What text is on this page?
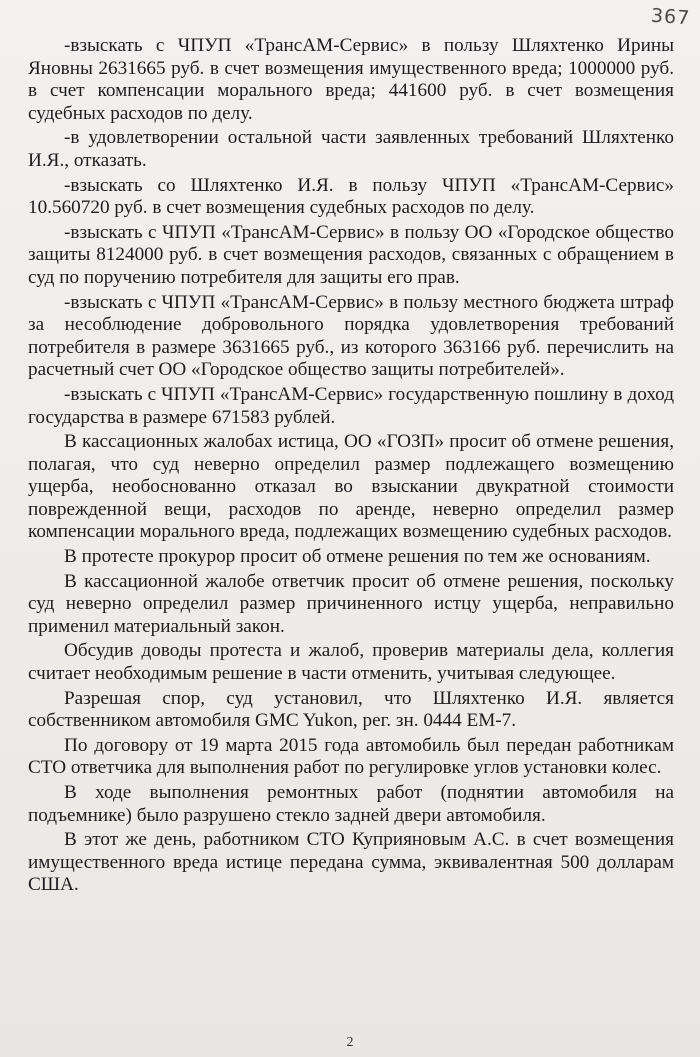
367

-взыскать с ЧПУП «ТрансАМ-Сервис» в пользу Шляхтенко Ирины Яновны 2631665 руб. в счет возмещения имущественного вреда; 1000000 руб. в счет компенсации морального вреда; 441600 руб. в счет возмещения судебных расходов по делу.

-в удовлетворении остальной части заявленных требований Шляхтенко И.Я., отказать.

-взыскать со Шляхтенко И.Я. в пользу ЧПУП «ТрансАМ-Сервис» 10.560720 руб. в счет возмещения судебных расходов по делу.

-взыскать с ЧПУП «ТрансАМ-Сервис» в пользу ОО «Городское общество защиты 8124000 руб. в счет возмещения расходов, связанных с обращением в суд по поручению потребителя для защиты его прав.

-взыскать с ЧПУП «ТрансАМ-Сервис» в пользу местного бюджета штраф за несоблюдение добровольного порядка удовлетворения требований потребителя в размере 3631665 руб., из которого 363166 руб. перечислить на расчетный счет ОО «Городское общество защиты потребителей».

-взыскать с ЧПУП «ТрансАМ-Сервис» государственную пошлину в доход государства в размере 671583 рублей.

В кассационных жалобах истица, ОО «ГОЗП» просит об отмене решения, полагая, что суд неверно определил размер подлежащего возмещению ущерба, необоснованно отказал во взыскании двукратной стоимости поврежденной вещи, расходов по аренде, неверно определил размер компенсации морального вреда, подлежащих возмещению судебных расходов.

В протесте прокурор просит об отмене решения по тем же основаниям.

В кассационной жалобе ответчик просит об отмене решения, поскольку суд неверно определил размер причиненного истцу ущерба, неправильно применил материальный закон.

Обсудив доводы протеста и жалоб, проверив материалы дела, коллегия считает необходимым решение в части отменить, учитывая следующее.

Разрешая спор, суд установил, что Шляхтенко И.Я. является собственником автомобиля GMC Yukon, рег. зн. 0444 ЕМ-7.

По договору от 19 марта 2015 года автомобиль был передан работникам СТО ответчика для выполнения работ по регулировке углов установки колес.

В ходе выполнения ремонтных работ (поднятии автомобиля на подъемнике) было разрушено стекло задней двери автомобиля.

В этот же день, работником СТО Куприяновым А.С. в счет возмещения имущественного вреда истице передана сумма, эквивалентная 500 долларам США.

2
